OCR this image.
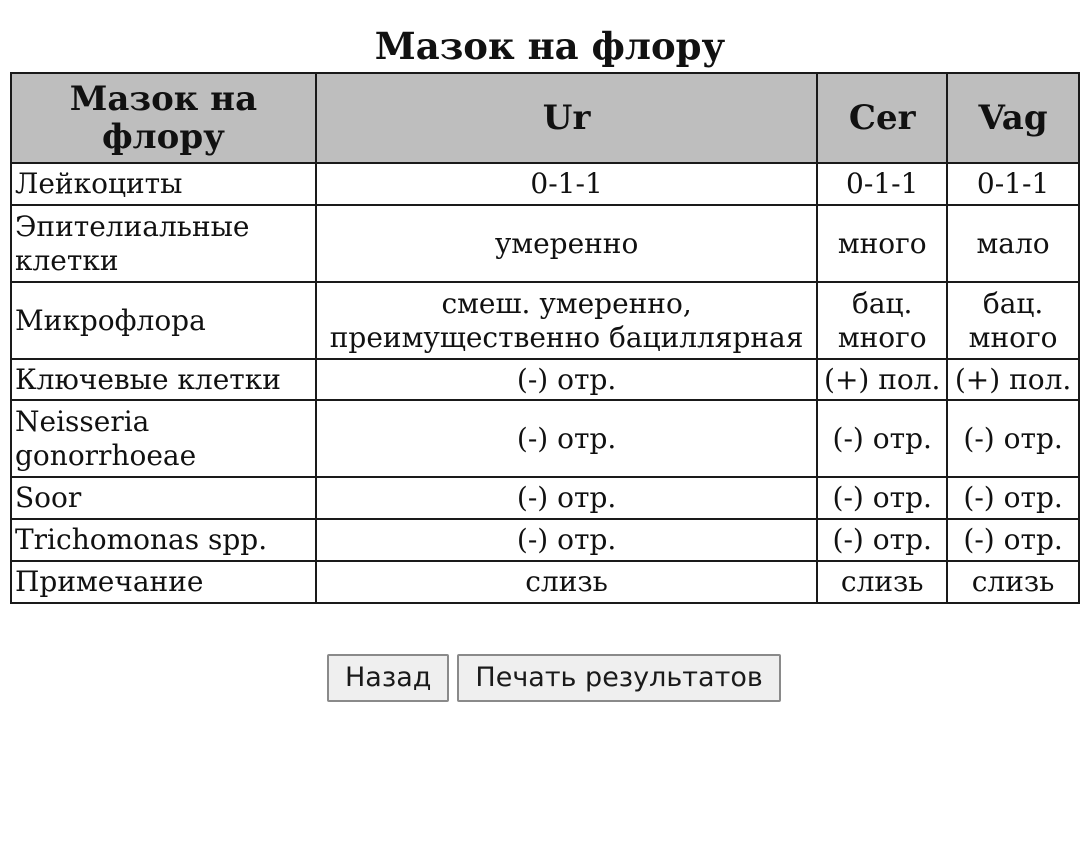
Мазок на флору
Мазок на флору	Ur	Cer	Vag
Лейкоциты	0-1-1	0-1-1	0-1-1
Эпителиальные клетки	умеренно	много	мало
Микрофлора	смеш. умеренно, преимущественно бациллярная	бац. много	бац. много
Ключевые клетки	(-) отр.	(+) пол.	(+) пол.
Neisseria gonorrhoeae	(-) отр.	(-) отр.	(-) отр.
Soor	(-) отр.	(-) отр.	(-) отр.
Trichomonas spp.	(-) отр.	(-) отр.	(-) отр.
Примечание	слизь	слизь	слизь
Назад	Печать результатов
